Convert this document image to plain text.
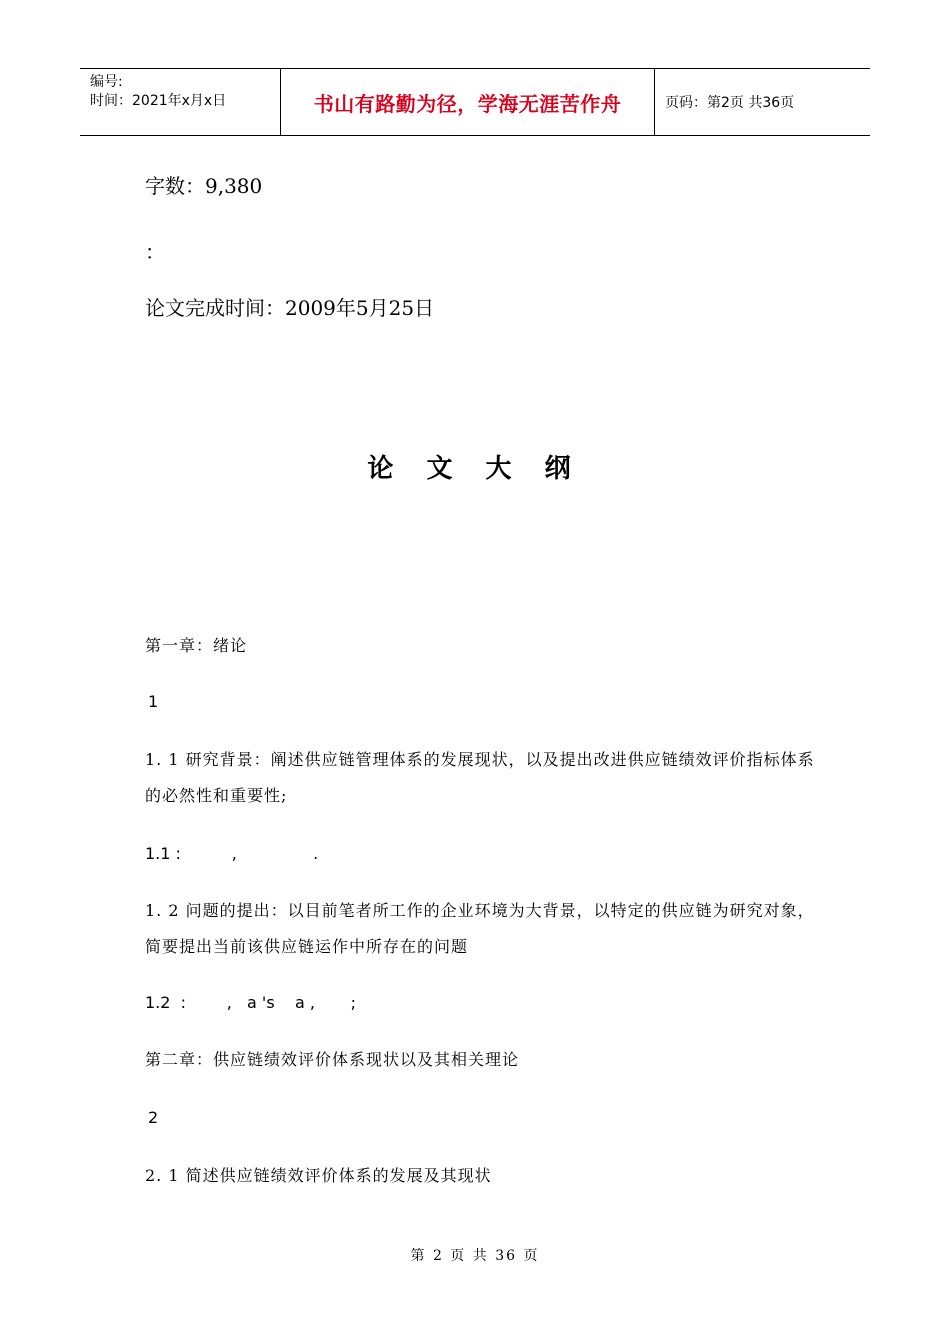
编号:
时间：2021年x月x日	书山有路勤为径，学海无涯苦作舟	页码：第2页 共36页
字数：9,380
：
论文完成时间：2009年5月25日
论 文 大 纲
第一章：绪论
1
1. 1 研究背景：阐述供应链管理体系的发展现状，以及提出改进供应链绩效评价指标体系的必然性和重要性;
1.1 :          ,               .
1. 2 问题的提出：以目前笔者所工作的企业环境为大背景，以特定的供应链为研究对象，简要提出当前该供应链运作中所存在的问题
1.2  :        ,   a 's    a ,       ;
第二章：供应链绩效评价体系现状以及其相关理论
2
2. 1 简述供应链绩效评价体系的发展及其现状
第 2 页 共 36 页
